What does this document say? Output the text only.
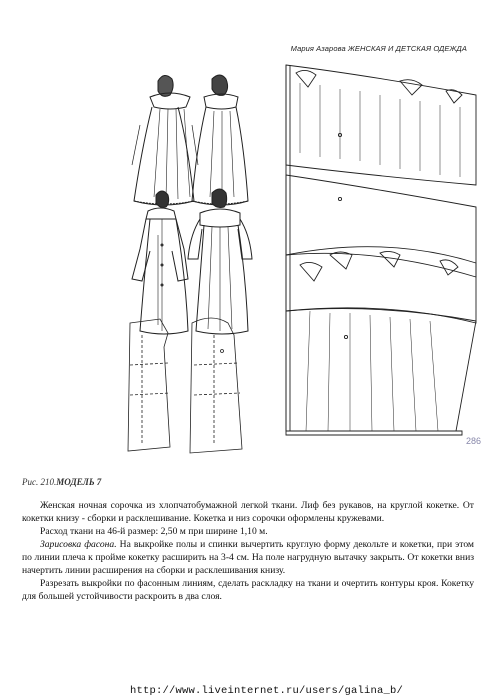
Мария Азарова ЖЕНСКАЯ И ДЕТСКАЯ ОДЕЖДА
286
Рис. 210.МОДЕЛЬ 7

Женская ночная сорочка из хлопчатобумажной легкой ткани. Лиф без рукавов, на круглой кокетке. От кокетки книзу - сборки и расклешивание. Кокетка и низ сорочки оформлены кружевами.

Расход ткани на 46-й размер: 2,50 м при ширине 1,10 м.

Зарисовка фасона. На выкройке полы и спинки вычертить круглую форму декольте и кокетки, при этом по линии плеча к пройме кокетку расширить на 3-4 см. На поле нагрудную вытачку закрыть. От кокетки вниз начертить линии расширения на сборки и расклешивания книзу.

Разрезать выкройки по фасонным линиям, сделать раскладку на ткани и очертить контуры кроя. Кокетку для большей устойчивости раскроить в два слоя.

http://www.liveinternet.ru/users/galina_b/
